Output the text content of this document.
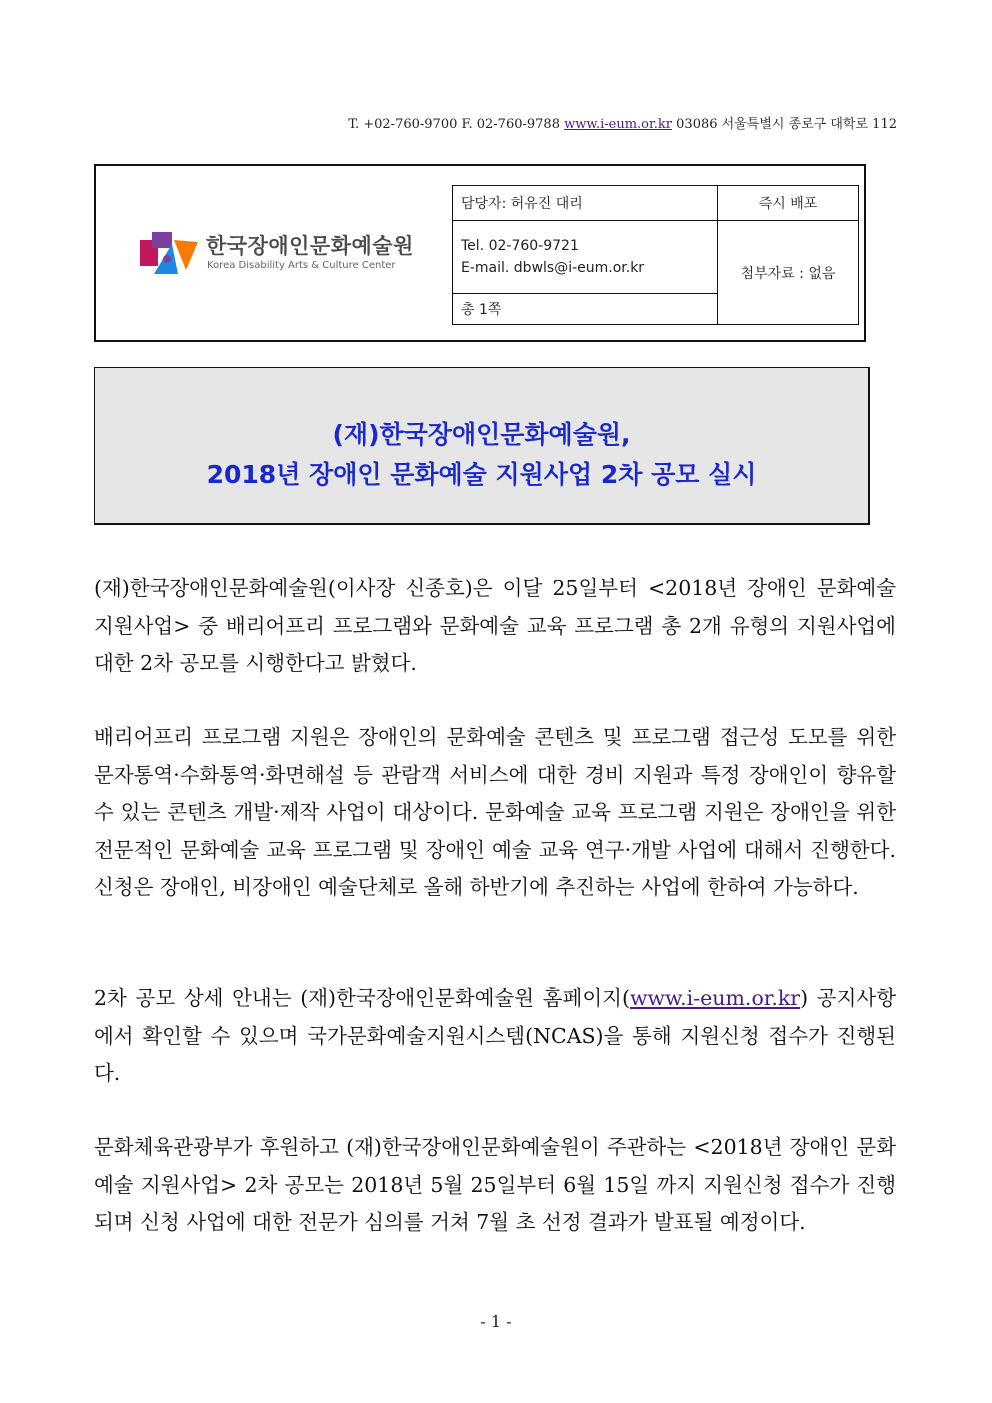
T. +02-760-9700 F. 02-760-9788 www.i-eum.or.kr 03086 서울특별시 종로구 대학로 112
한국장애인문화예술원
Korea Disability Arts & Culture Center
담당자: 허유진 대리	즉시 배포

Tel. 02-760-9721
E-mail. dbwls@i-eum.or.kr	첨부자료 : 없음
총 1쪽	
(재)한국장애인문화예술원,
2018년 장애인 문화예술 지원사업 2차 공모 실시

(재)한국장애인문화예술원(이사장 신종호)은 이달 25일부터 <2018년 장애인 문화예술 지원사업> 중 배리어프리 프로그램와 문화예술 교육 프로그램 총 2개 유형의 지원사업에 대한 2차 공모를 시행한다고 밝혔다.

배리어프리 프로그램 지원은 장애인의 문화예술 콘텐츠 및 프로그램 접근성 도모를 위한 문자통역·수화통역·화면해설 등 관람객 서비스에 대한 경비 지원과 특정 장애인이 향유할 수 있는 콘텐츠 개발·제작 사업이 대상이다. 문화예술 교육 프로그램 지원은 장애인을 위한 전문적인 문화예술 교육 프로그램 및 장애인 예술 교육 연구·개발 사업에 대해서 진행한다. 신청은 장애인, 비장애인 예술단체로 올해 하반기에 추진하는 사업에 한하여 가능하다.

2차 공모 상세 안내는 (재)한국장애인문화예술원 홈페이지(www.i-eum.or.kr) 공지사항에서 확인할 수 있으며 국가문화예술지원시스템(NCAS)을 통해 지원신청 접수가 진행된다.

문화체육관광부가 후원하고 (재)한국장애인문화예술원이 주관하는 <2018년 장애인 문화예술 지원사업> 2차 공모는 2018년 5월 25일부터 6월 15일 까지 지원신청 접수가 진행되며 신청 사업에 대한 전문가 심의를 거쳐 7월 초 선정 결과가 발표될 예정이다.

- 1 -
